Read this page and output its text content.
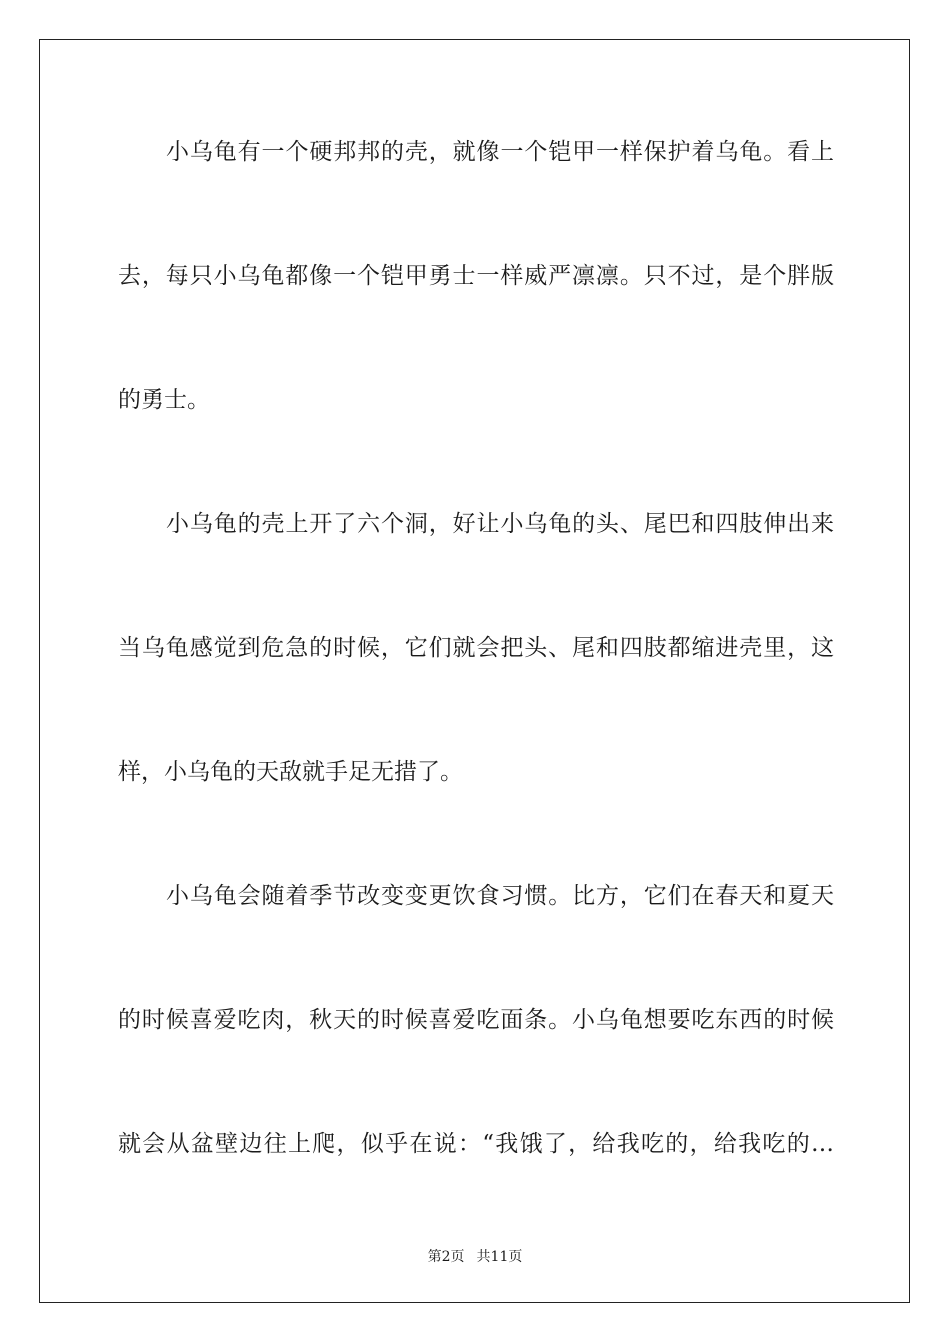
小乌龟有一个硬邦邦的壳，就像一个铠甲一样保护着乌龟。看上
去，每只小乌龟都像一个铠甲勇士一样威严凛凛。只不过，是个胖版
的勇士。
小乌龟的壳上开了六个洞，好让小乌龟的头、尾巴和四肢伸出来
当乌龟感觉到危急的时候，它们就会把头、尾和四肢都缩进壳里，这
样，小乌龟的天敌就手足无措了。
小乌龟会随着季节改变变更饮食习惯。比方，它们在春天和夏天
的时候喜爱吃肉，秋天的时候喜爱吃面条。小乌龟想要吃东西的时候
就会从盆壁边往上爬，似乎在说：“我饿了，给我吃的，给我吃的…
第2页 共11页
